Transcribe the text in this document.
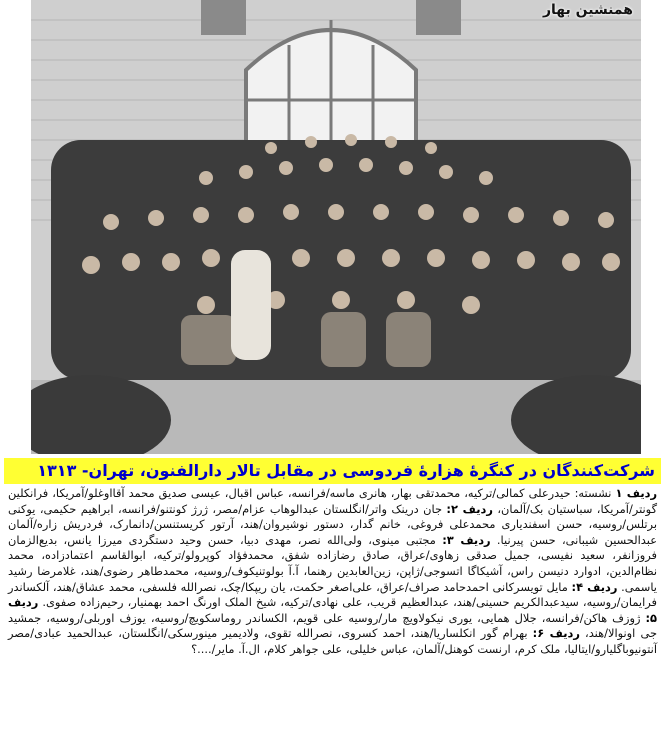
همنشین بهار
شرکت‌کنندگان در کنگرهٔ هزارهٔ فردوسی در مقابل تالار دارالفنون، تهران- ۱۳۱۳
ردیف ۱ نشسته: حیدرعلی کمالی/ترکیه، محمدتقی بهار، هانری ماسه/فرانسه، عباس اقبال، عیسی صدیق محمد آقااوغلو/آمریکا، فرانکلین گونتر/آمریکا، سباستیان بک/آلمان، ردیف ۲: جان درینک واتر/انگلستان عبدالوهاب عزام/مصر، ژرژ کونتنو/فرانسه، ابراهیم حکیمی، یوکنی برتلس/روسیه، حسن اسفندیاری محمدعلی فروغی، خانم گدار، دستور نوشیروان/هند، آرتور کریستنسن/دانمارک، فردریش زاره/آلمان عبدالحسین شیبانی، حسن پیرنیا. ردیف ۳: مجتبی مینوی، ولی‌الله نصر، مهدی دبیا، حسن وحید دستگردی میرزا یانس، بدیع‌الزمان فروزانفر، سعید نفیسی، جمیل صدقی زهاوی/عراق، صادق رضازاده شفق، محمدفؤاد کوپرولو/ترکیه، ابوالقاسم اعتمادزاده، محمد نظام‌الدین، ادوارد دنیسن راس، آشیکاگا اتسوجی/ژاپن، زین‌العابدین رهنما، آ.آ بولوتنیکوف/روسیه، محمدطاهر رضوی/هند، غلامرضا رشید یاسمی. ردیف ۴: مایل تویسرکانی احمدحامد صراف/عراق، علی‌اصغر حکمت، یان ریپکا/چک، نصرالله فلسفی، محمد عشاق/هند، آلکساندر فرایمان/روسیه، سیدعبدالکریم حسینی/هند، عبدالعظیم قریب، علی نهادی/ترکیه، شیخ الملک اورنگ احمد بهمنیار، رحیم‌زاده صفوی. ردیف ۵: ژوزف هاکن/فرانسه، جلال همایی، یوری نیکولاویچ مار/روسیه علی قویم، الکساندر روماسکویچ/روسیه، یوزف اوربلی/روسیه، جمشید جی اونوالا/هند، ردیف ۶: بهرام گور انکلساریا/هند، احمد کسروی، نصرالله تقوی، ولادیمیر مینورسکی/انگلستان، عبدالحمید عبادی/مصر آنتونیوباگلیارو/ایتالیا، ملک کرم، ارنست کوهنل/آلمان، عباس خلیلی، علی جواهر کلام، ال.آ. مایر/....؟
